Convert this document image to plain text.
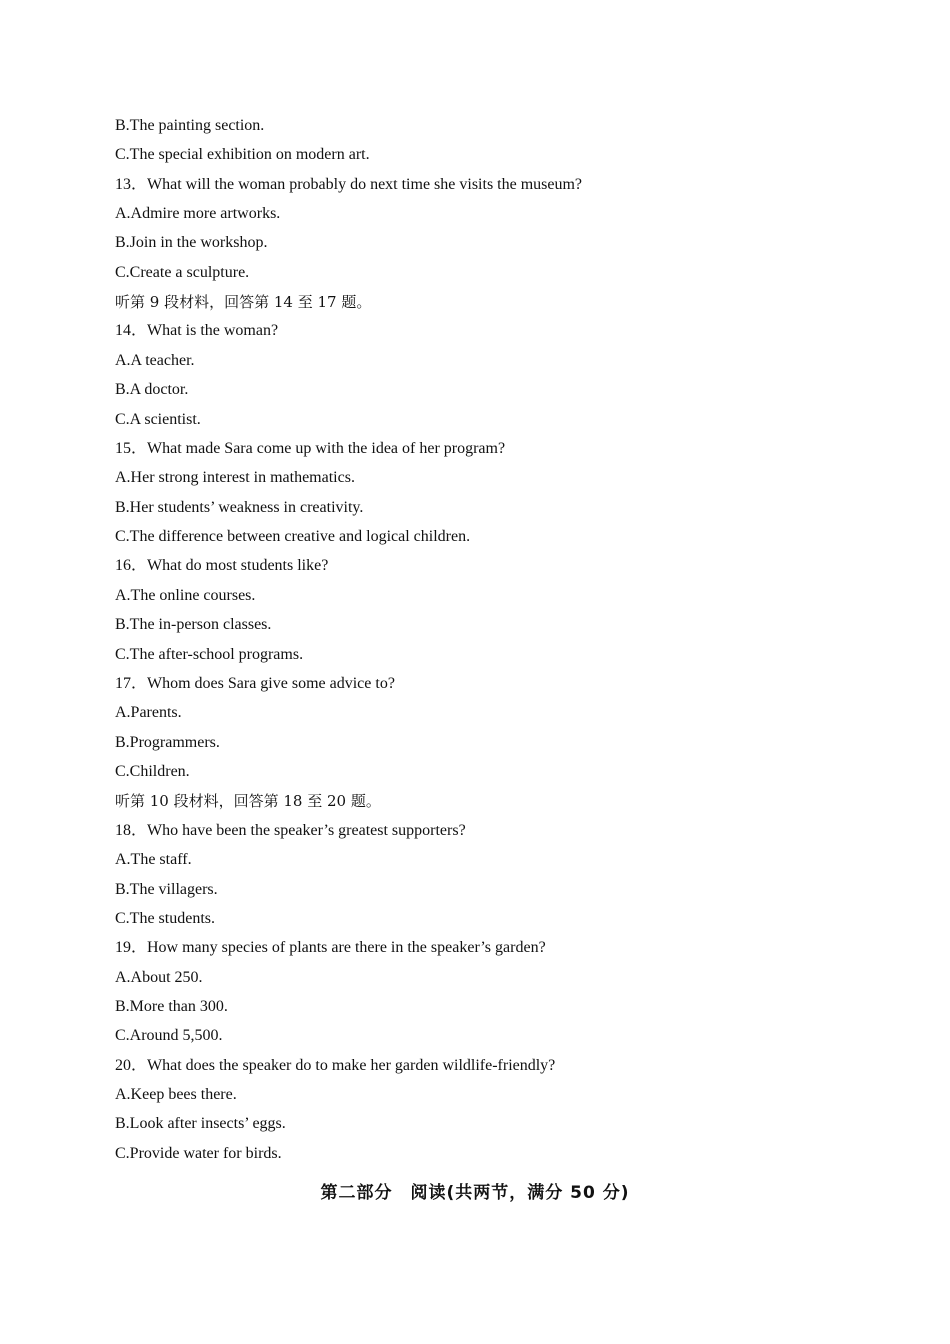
B.The painting section.
C.The special exhibition on modern art.
13．What will the woman probably do next time she visits the museum?
A.Admire more artworks.
B.Join in the workshop.
C.Create a sculpture.
听第 9 段材料，回答第 14 至 17 题。
14．What is the woman?
A.A teacher.
B.A doctor.
C.A scientist.
15．What made Sara come up with the idea of her program?
A.Her strong interest in mathematics.
B.Her students’ weakness in creativity.
C.The difference between creative and logical children.
16．What do most students like?
A.The online courses.
B.The in-person classes.
C.The after-school programs.
17．Whom does Sara give some advice to?
A.Parents.
B.Programmers.
C.Children.
听第 10 段材料，回答第 18 至 20 题。
18．Who have been the speaker’s greatest supporters?
A.The staff.
B.The villagers.
C.The students.
19．How many species of plants are there in the speaker’s garden?
A.About 250.
B.More than 300.
C.Around 5,500.
20．What does the speaker do to make her garden wildlife-friendly?
A.Keep bees there.
B.Look after insects’ eggs.
C.Provide water for birds.
第二部分　阅读(共两节，满分 50 分)
